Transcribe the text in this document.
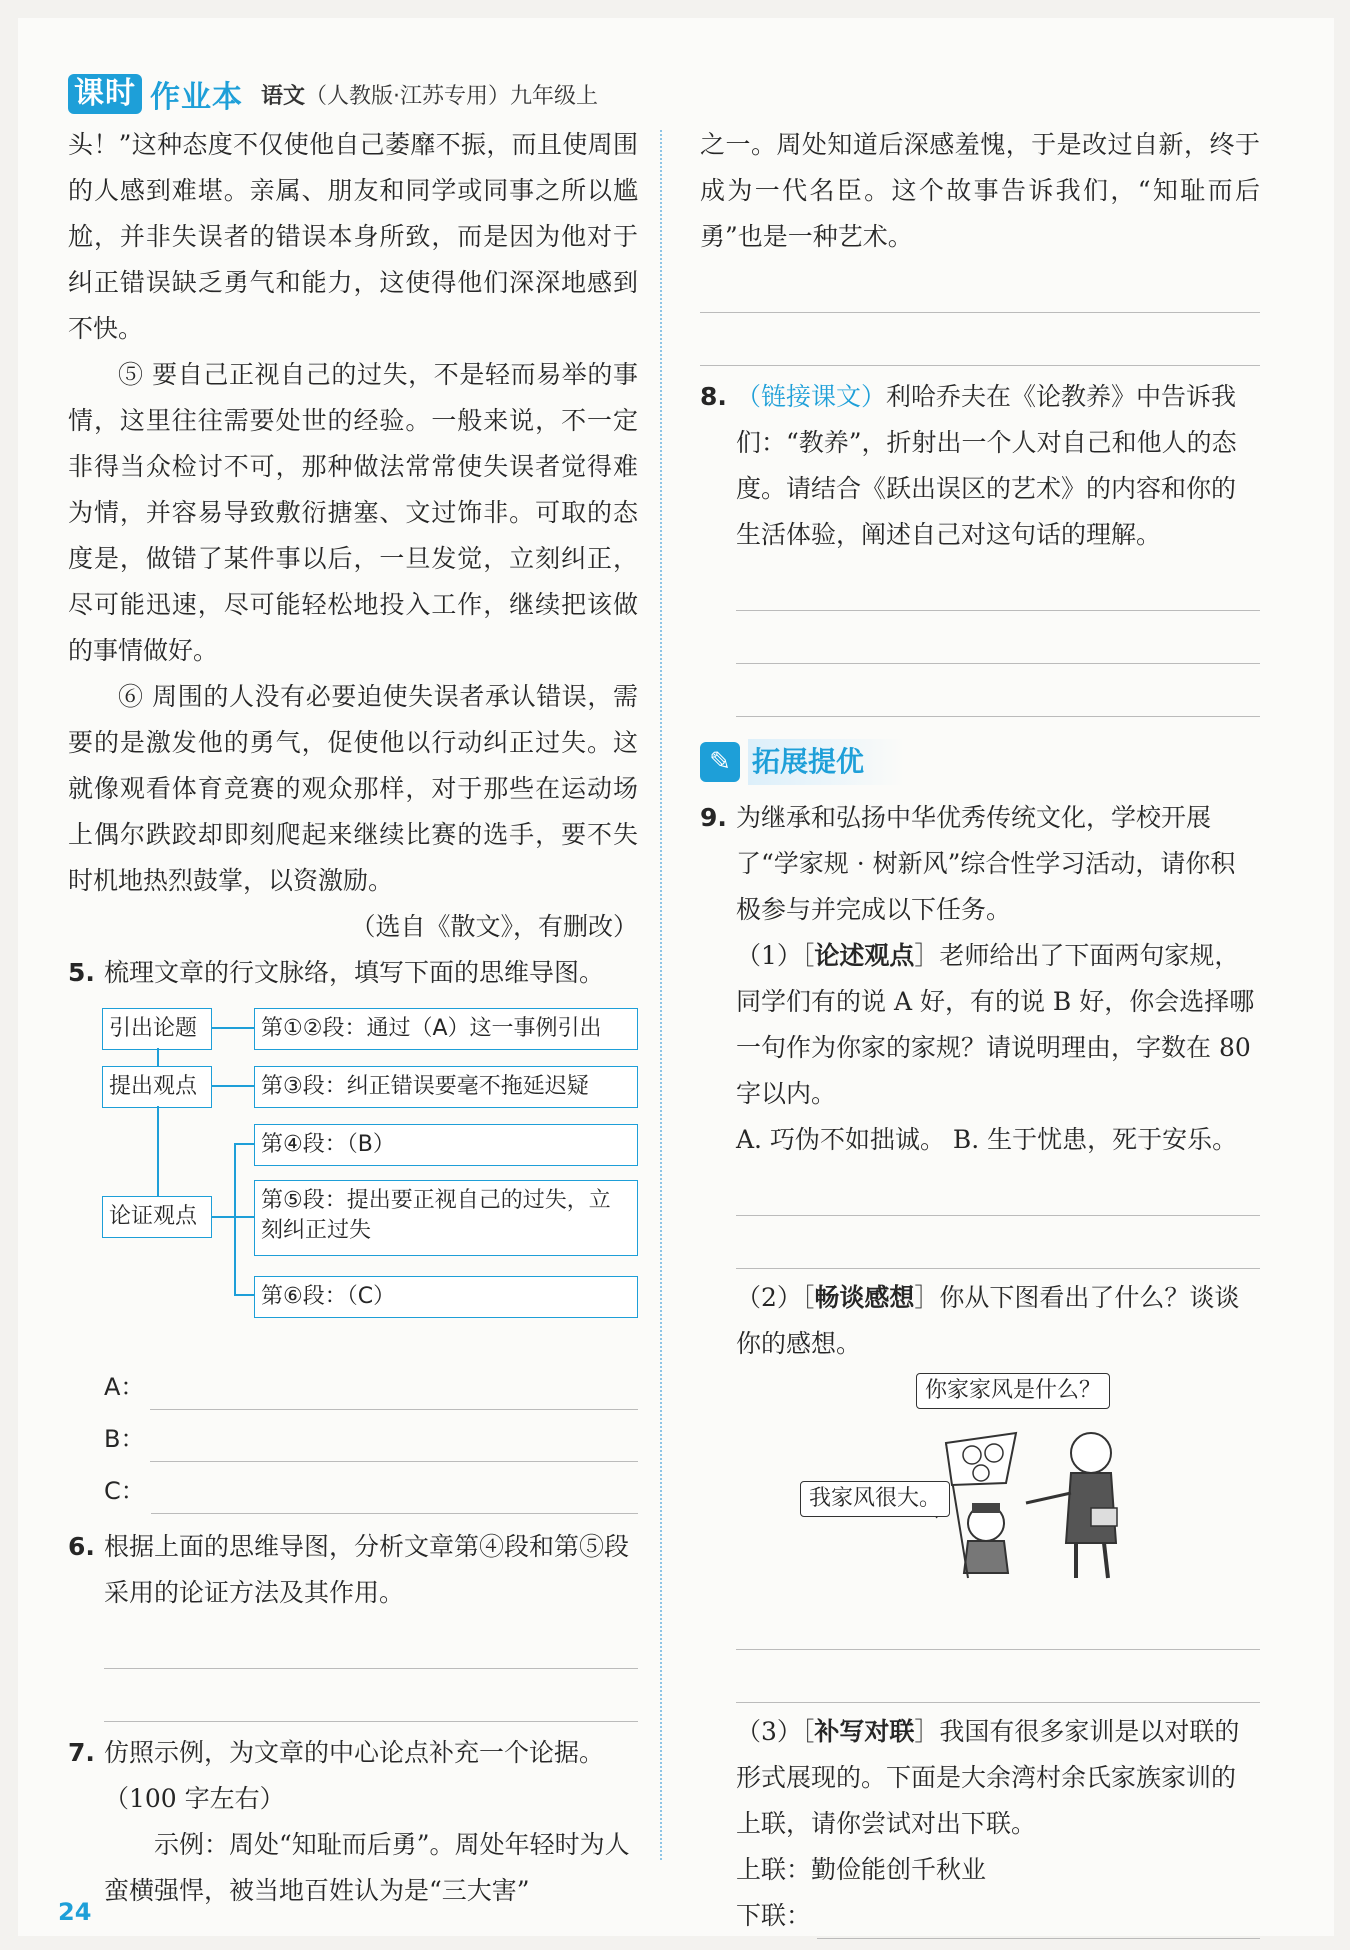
课时 作业本 语文（人教版·江苏专用）九年级上

头！”这种态度不仅使他自己萎靡不振，而且使周围的人感到难堪。亲属、朋友和同学或同事之所以尴尬，并非失误者的错误本身所致，而是因为他对于纠正错误缺乏勇气和能力，这使得他们深深地感到不快。

⑤ 要自己正视自己的过失，不是轻而易举的事情，这里往往需要处世的经验。一般来说，不一定非得当众检讨不可，那种做法常常使失误者觉得难为情，并容易导致敷衍搪塞、文过饰非。可取的态度是，做错了某件事以后，一旦发觉，立刻纠正，尽可能迅速，尽可能轻松地投入工作，继续把该做的事情做好。

⑥ 周围的人没有必要迫使失误者承认错误，需要的是激发他的勇气，促使他以行动纠正过失。这就像观看体育竞赛的观众那样，对于那些在运动场上偶尔跌跤却即刻爬起来继续比赛的选手，要不失时机地热烈鼓掌，以资激励。

（选自《散文》，有删改）

5. 梳理文章的行文脉络，填写下面的思维导图。

引出论题
提出观点
论证观点
第①②段：通过（A）这一事例引出
第③段：纠正错误要毫不拖延迟疑
第④段：（B）
第⑤段：提出要正视自己的过失，立刻纠正过失
第⑥段：（C）
A：
B：
C：

6. 根据上面的思维导图，分析文章第④段和第⑤段采用的论证方法及其作用。

7. 仿照示例，为文章的中心论点补充一个论据。（100 字左右）

示例：周处“知耻而后勇”。周处年轻时为人蛮横强悍，被当地百姓认为是“三大害”

之一。周处知道后深感羞愧，于是改过自新，终于成为一代名臣。这个故事告诉我们，“知耻而后勇”也是一种艺术。

8. （链接课文）利哈乔夫在《论教养》中告诉我们：“教养”，折射出一个人对自己和他人的态度。请结合《跃出误区的艺术》的内容和你的生活体验，阐述自己对这句话的理解。

✎ 拓展提优

9. 为继承和弘扬中华优秀传统文化，学校开展了“学家规 · 树新风”综合性学习活动，请你积极参与并完成以下任务。

（1）［论述观点］老师给出了下面两句家规，同学们有的说 A 好，有的说 B 好，你会选择哪一句作为你家的家规？请说明理由，字数在 80 字以内。

A. 巧伪不如拙诚。 B. 生于忧患，死于安乐。

（2）［畅谈感想］你从下图看出了什么？谈谈你的感想。

你家家风是什么？
我家风很大。

（3）［补写对联］我国有很多家训是以对联的形式展现的。下面是大余湾村余氏家族家训的上联，请你尝试对出下联。

上联：勤俭能创千秋业

下联：
24
